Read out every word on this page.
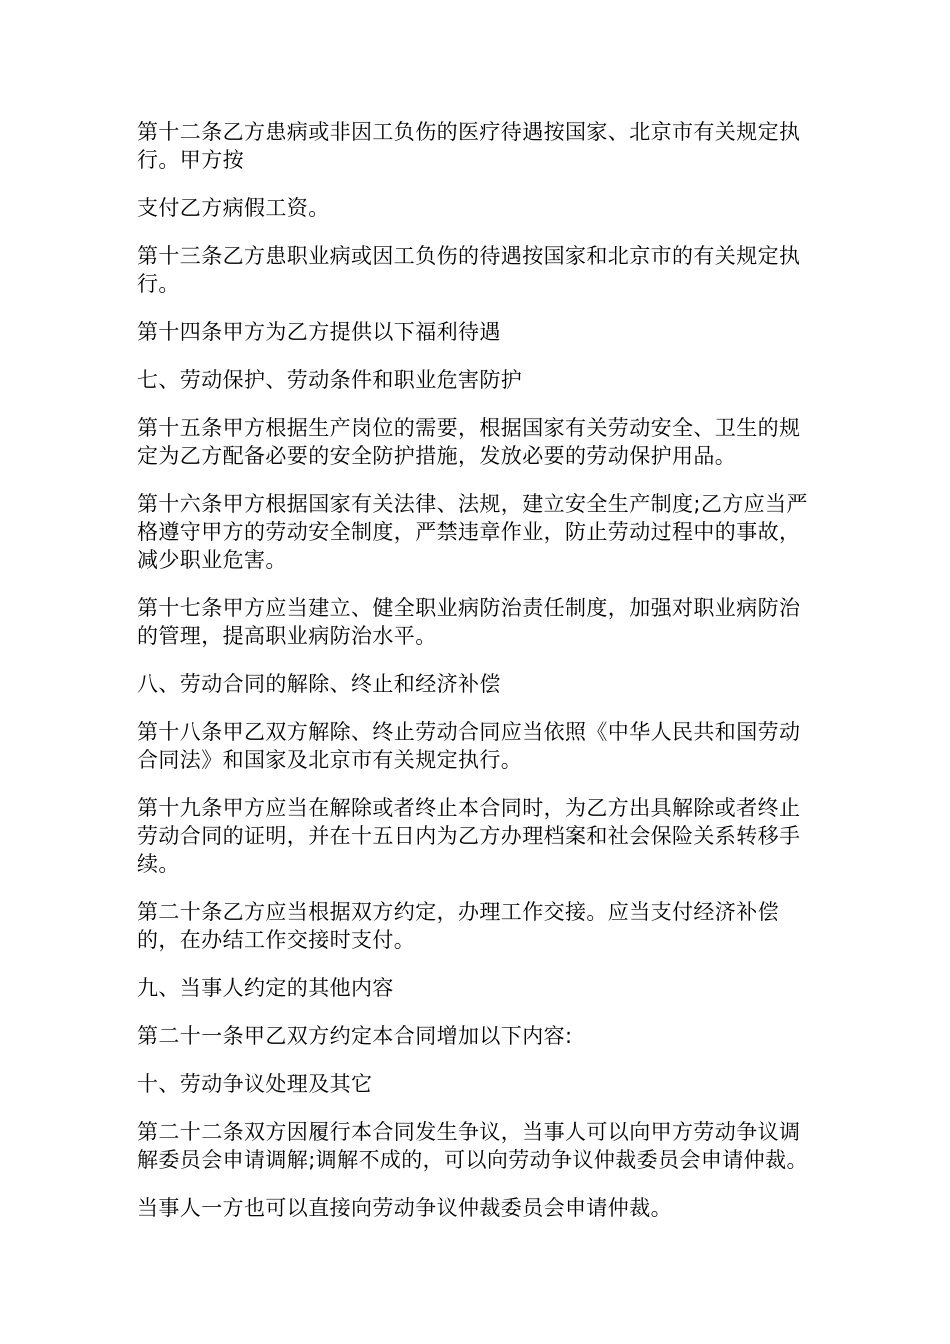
第十二条乙方患病或非因工负伤的医疗待遇按国家、北京市有关规定执行。甲方按

支付乙方病假工资。

第十三条乙方患职业病或因工负伤的待遇按国家和北京市的有关规定执行。

第十四条甲方为乙方提供以下福利待遇

七、劳动保护、劳动条件和职业危害防护

第十五条甲方根据生产岗位的需要，根据国家有关劳动安全、卫生的规定为乙方配备必要的安全防护措施，发放必要的劳动保护用品。

第十六条甲方根据国家有关法律、法规，建立安全生产制度;乙方应当严格遵守甲方的劳动安全制度，严禁违章作业，防止劳动过程中的事故，减少职业危害。

第十七条甲方应当建立、健全职业病防治责任制度，加强对职业病防治的管理，提高职业病防治水平。

八、劳动合同的解除、终止和经济补偿

第十八条甲乙双方解除、终止劳动合同应当依照《中华人民共和国劳动合同法》和国家及北京市有关规定执行。

第十九条甲方应当在解除或者终止本合同时，为乙方出具解除或者终止劳动合同的证明，并在十五日内为乙方办理档案和社会保险关系转移手续。

第二十条乙方应当根据双方约定，办理工作交接。应当支付经济补偿的，在办结工作交接时支付。

九、当事人约定的其他内容

第二十一条甲乙双方约定本合同增加以下内容:

十、劳动争议处理及其它

第二十二条双方因履行本合同发生争议，当事人可以向甲方劳动争议调解委员会申请调解;调解不成的，可以向劳动争议仲裁委员会申请仲裁。

当事人一方也可以直接向劳动争议仲裁委员会申请仲裁。
